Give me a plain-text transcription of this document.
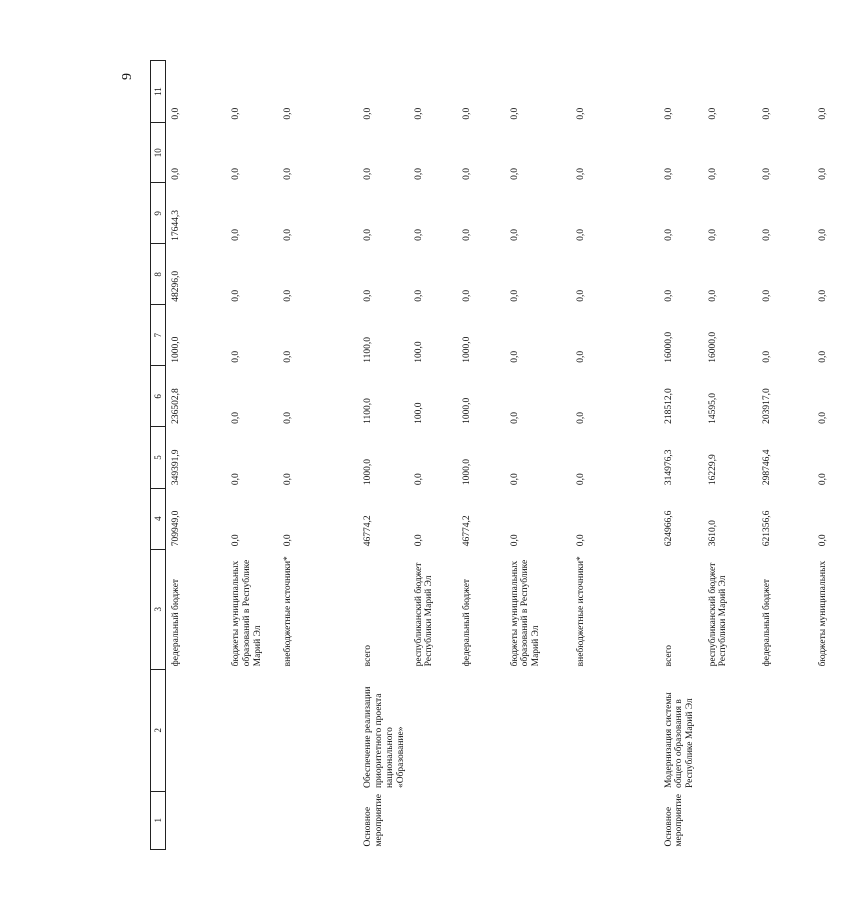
9
1	2	3	4	5	6	7	8	9	10	11
		федеральный бюджет	709949,0	349391,9	236502,8	1000,0	48296,0	17644,3	0,0	0,0
		бюджеты муниципальных образований в Республике Марий Эл	0,0	0,0	0,0	0,0	0,0	0,0	0,0	0,0
		внебюджетные источники*	0,0	0,0	0,0	0,0	0,0	0,0	0,0	0,0
Основное мероприятие	Обеспечение реализации приоритетного проекта национального «Образование»	всего	46774,2	1000,0	1100,0	1100,0	0,0	0,0	0,0	0,0
		республиканский бюджет Республики Марий Эл	0,0	0,0	100,0	100,0	0,0	0,0	0,0	0,0
		федеральный бюджет	46774,2	1000,0	1000,0	1000,0	0,0	0,0	0,0	0,0
		бюджеты муниципальных образований в Республике Марий Эл	0,0	0,0	0,0	0,0	0,0	0,0	0,0	0,0
		внебюджетные источники*	0,0	0,0	0,0	0,0	0,0	0,0	0,0	0,0
Основное мероприятие	Модернизация системы общего образования в Республике Марий Эл	всего	624966,6	314976,3	218512,0	16000,0	0,0	0,0	0,0	0,0
		республиканский бюджет Республики Марий Эл	3610,0	16229,9	14595,0	16000,0	0,0	0,0	0,0	0,0
		федеральный бюджет	621356,6	298746,4	203917,0	0,0	0,0	0,0	0,0	0,0
		бюджеты муниципальных	0,0	0,0	0,0	0,0	0,0	0,0	0,0	0,0
